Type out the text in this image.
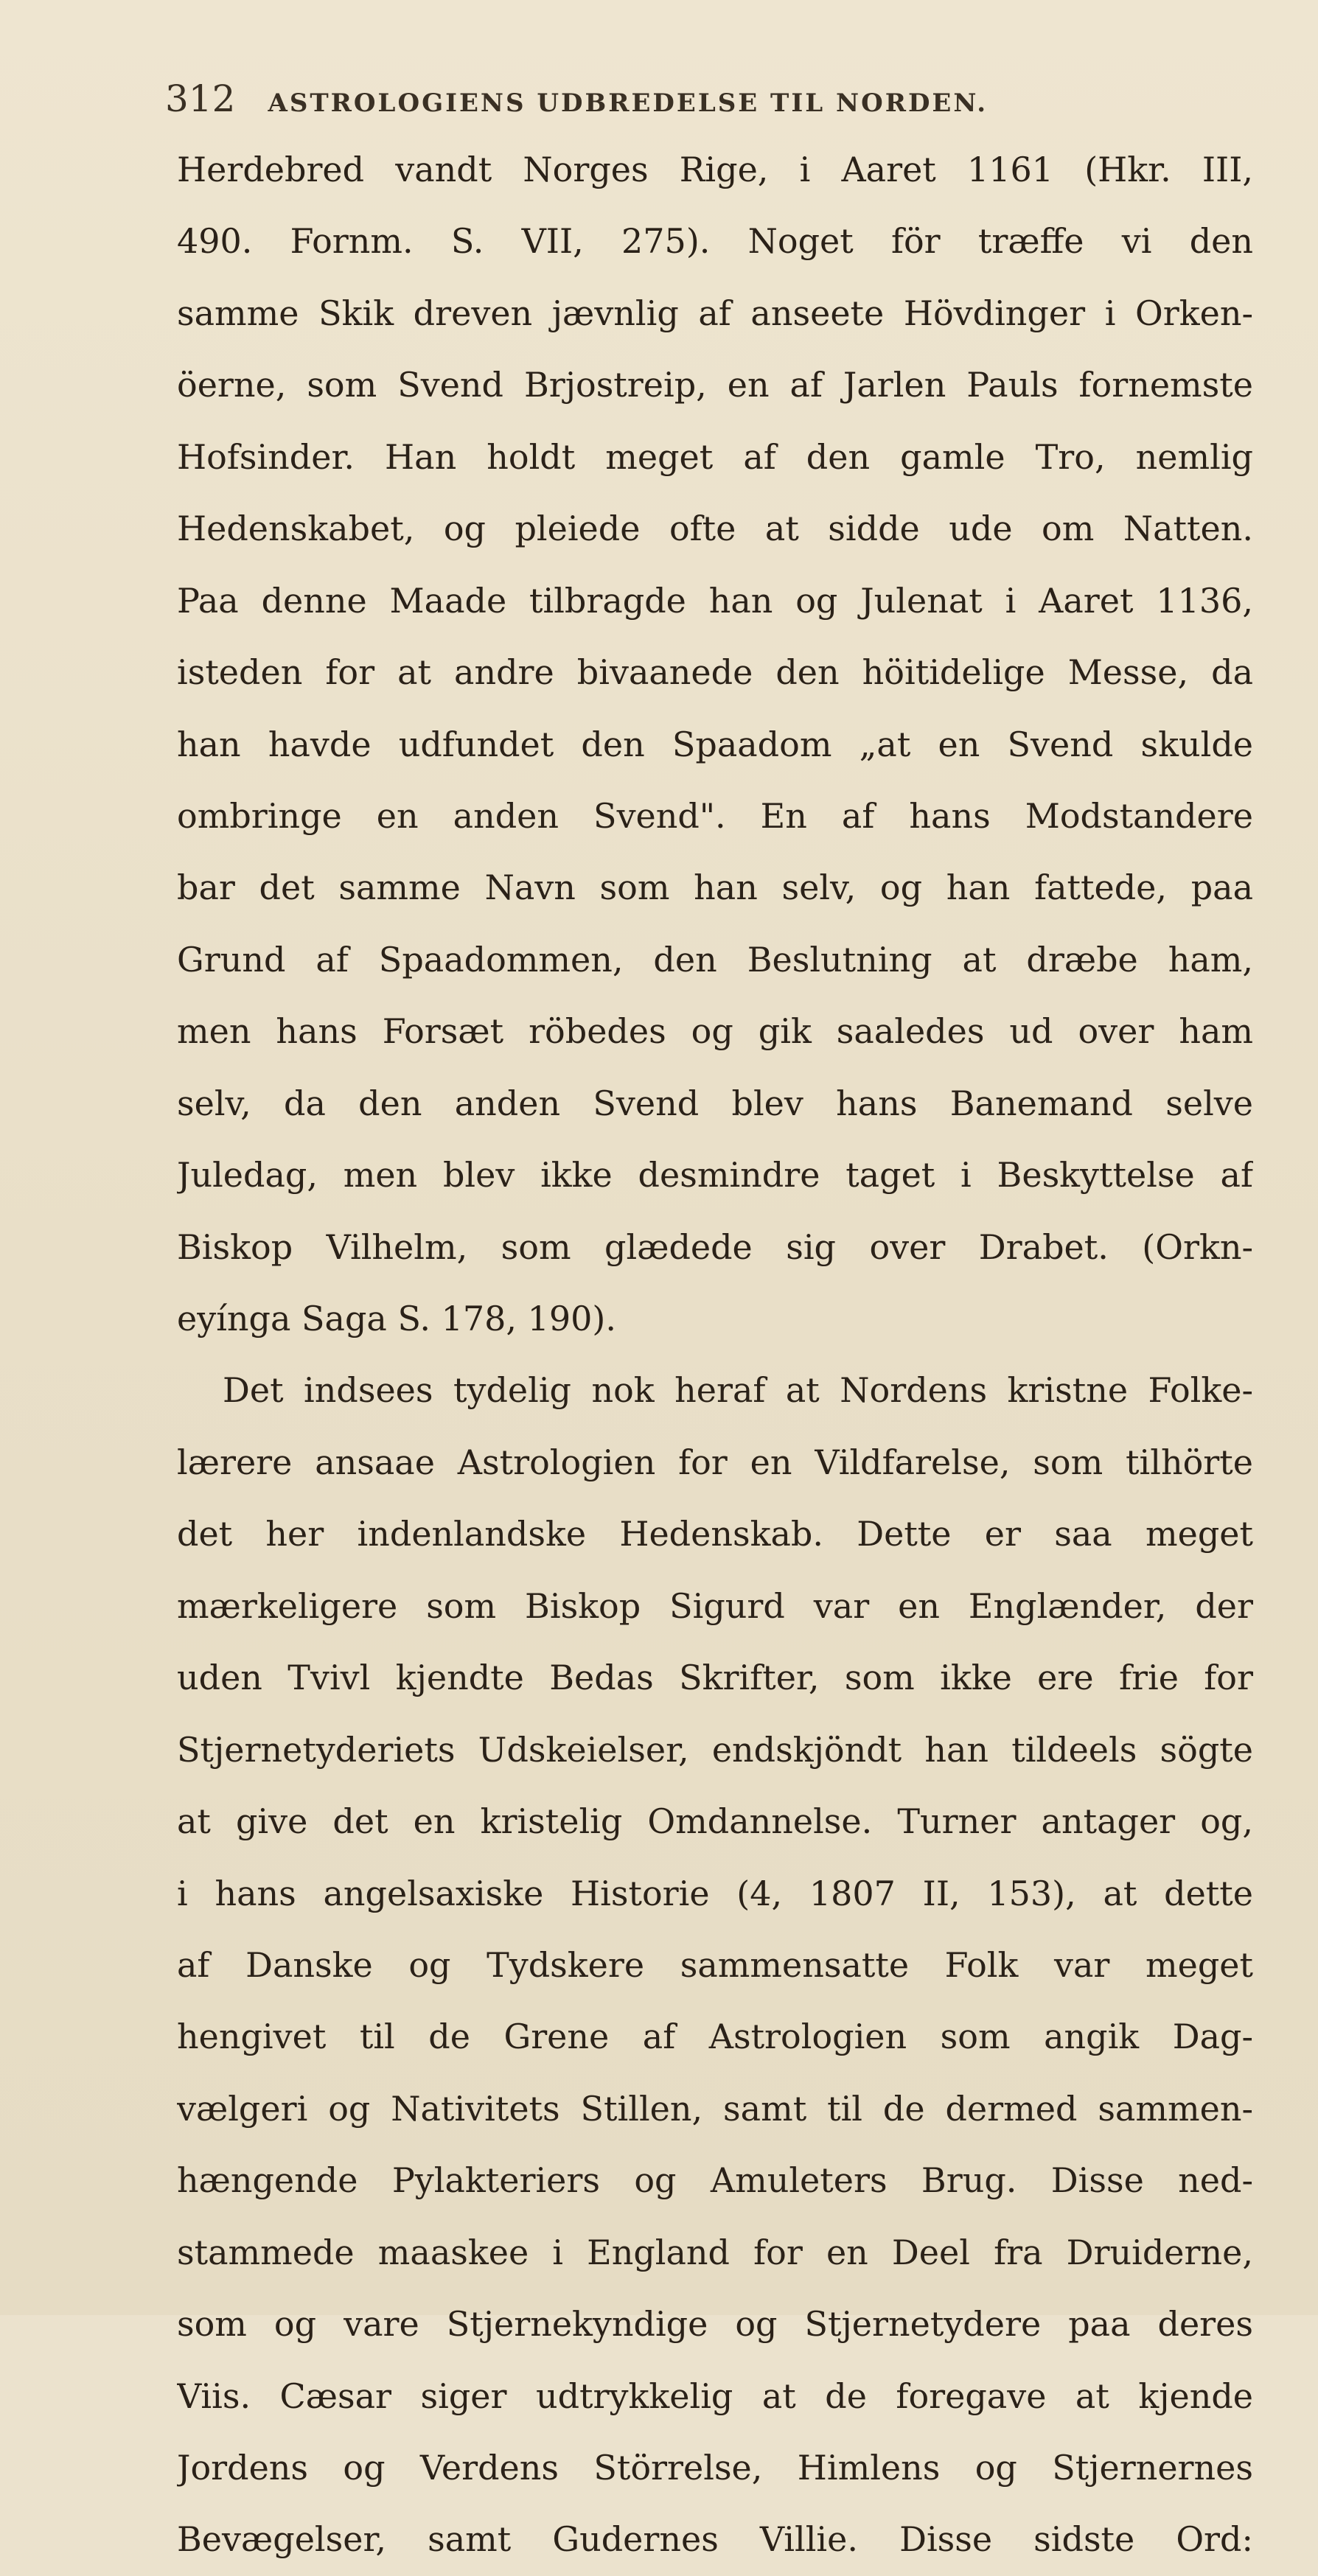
312 ASTROLOGIENS UDBREDELSE TIL NORDEN.
Herdebred vandt Norges Rige, i Aaret 1161 (Hkr. III,
490. Fornm. S. VII, 275). Noget för træffe vi den
samme Skik dreven jævnlig af anseete Hövdinger i Orken-
öerne, som Svend Brjostreip, en af Jarlen Pauls fornemste
Hofsinder. Han holdt meget af den gamle Tro, nemlig
Hedenskabet, og pleiede ofte at sidde ude om Natten.
Paa denne Maade tilbragde han og Julenat i Aaret 1136,
isteden for at andre bivaanede den höitidelige Messe, da
han havde udfundet den Spaadom „at en Svend skulde
ombringe en anden Svend". En af hans Modstandere
bar det samme Navn som han selv, og han fattede, paa
Grund af Spaadommen, den Beslutning at dræbe ham,
men hans Forsæt röbedes og gik saaledes ud over ham
selv, da den anden Svend blev hans Banemand selve
Juledag, men blev ikke desmindre taget i Beskyttelse af
Biskop Vilhelm, som glædede sig over Drabet. (Orkn-
eyínga Saga S. 178, 190).
Det indsees tydelig nok heraf at Nordens kristne Folke-
lærere ansaae Astrologien for en Vildfarelse, som tilhörte
det her indenlandske Hedenskab. Dette er saa meget
mærkeligere som Biskop Sigurd var en Englænder, der
uden Tvivl kjendte Bedas Skrifter, som ikke ere frie for
Stjernetyderiets Udskeielser, endskjöndt han tildeels sögte
at give det en kristelig Omdannelse. Turner antager og,
i hans angelsaxiske Historie (4, 1807 II, 153), at dette
af Danske og Tydskere sammensatte Folk var meget
hengivet til de Grene af Astrologien som angik Dag-
vælgeri og Nativitets Stillen, samt til de dermed sammen-
hængende Pylakteriers og Amuleters Brug. Disse ned-
stammede maaskee i England for en Deel fra Druiderne,
som og vare Stjernekyndige og Stjernetydere paa deres
Viis. Cæsar siger udtrykkelig at de foregave at kjende
Jordens og Verdens Störrelse, Himlens og Stjernernes
Bevægelser, samt Gudernes Villie. Disse sidste Ord:
